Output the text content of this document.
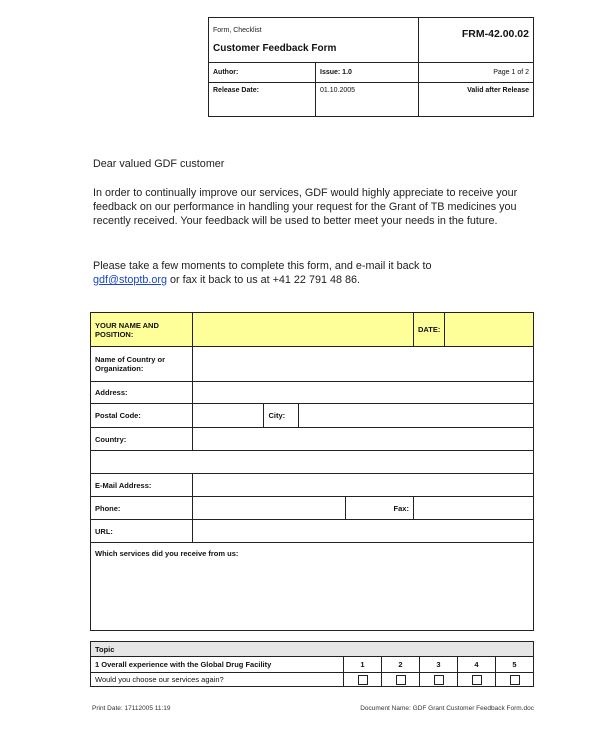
Form, Checklist
Customer Feedback Form		FRM-42.00.02
Author:	Issue: 1.0	Page 1 of 2
Release Date:	01.10.2005	Valid after Release
Dear valued GDF customer
In order to continually improve our services, GDF would highly appreciate to receive your feedback on our performance in handling your request for the Grant of TB medicines you recently received. Your feedback will be used to better meet your needs in the future.
Please take a few moments to complete this form, and e-mail it back to
gdf@stoptb.org or fax it back to us at +41 22 791 48 86.
YOUR NAME AND POSITION:					DATE:	
Name of Country or Organization:						
Address:						
Postal Code:		City:				
Country:						

E-Mail Address:						
Phone:				Fax:		
URL:						
Which services did you receive from us:						
Topic					
1 Overall experience with the Global Drug Facility	1	2	3	4	5
Would you choose our services again?					
Print Date: 17112005 11:19	Document Name: GDF Grant Customer Feedback Form.doc
